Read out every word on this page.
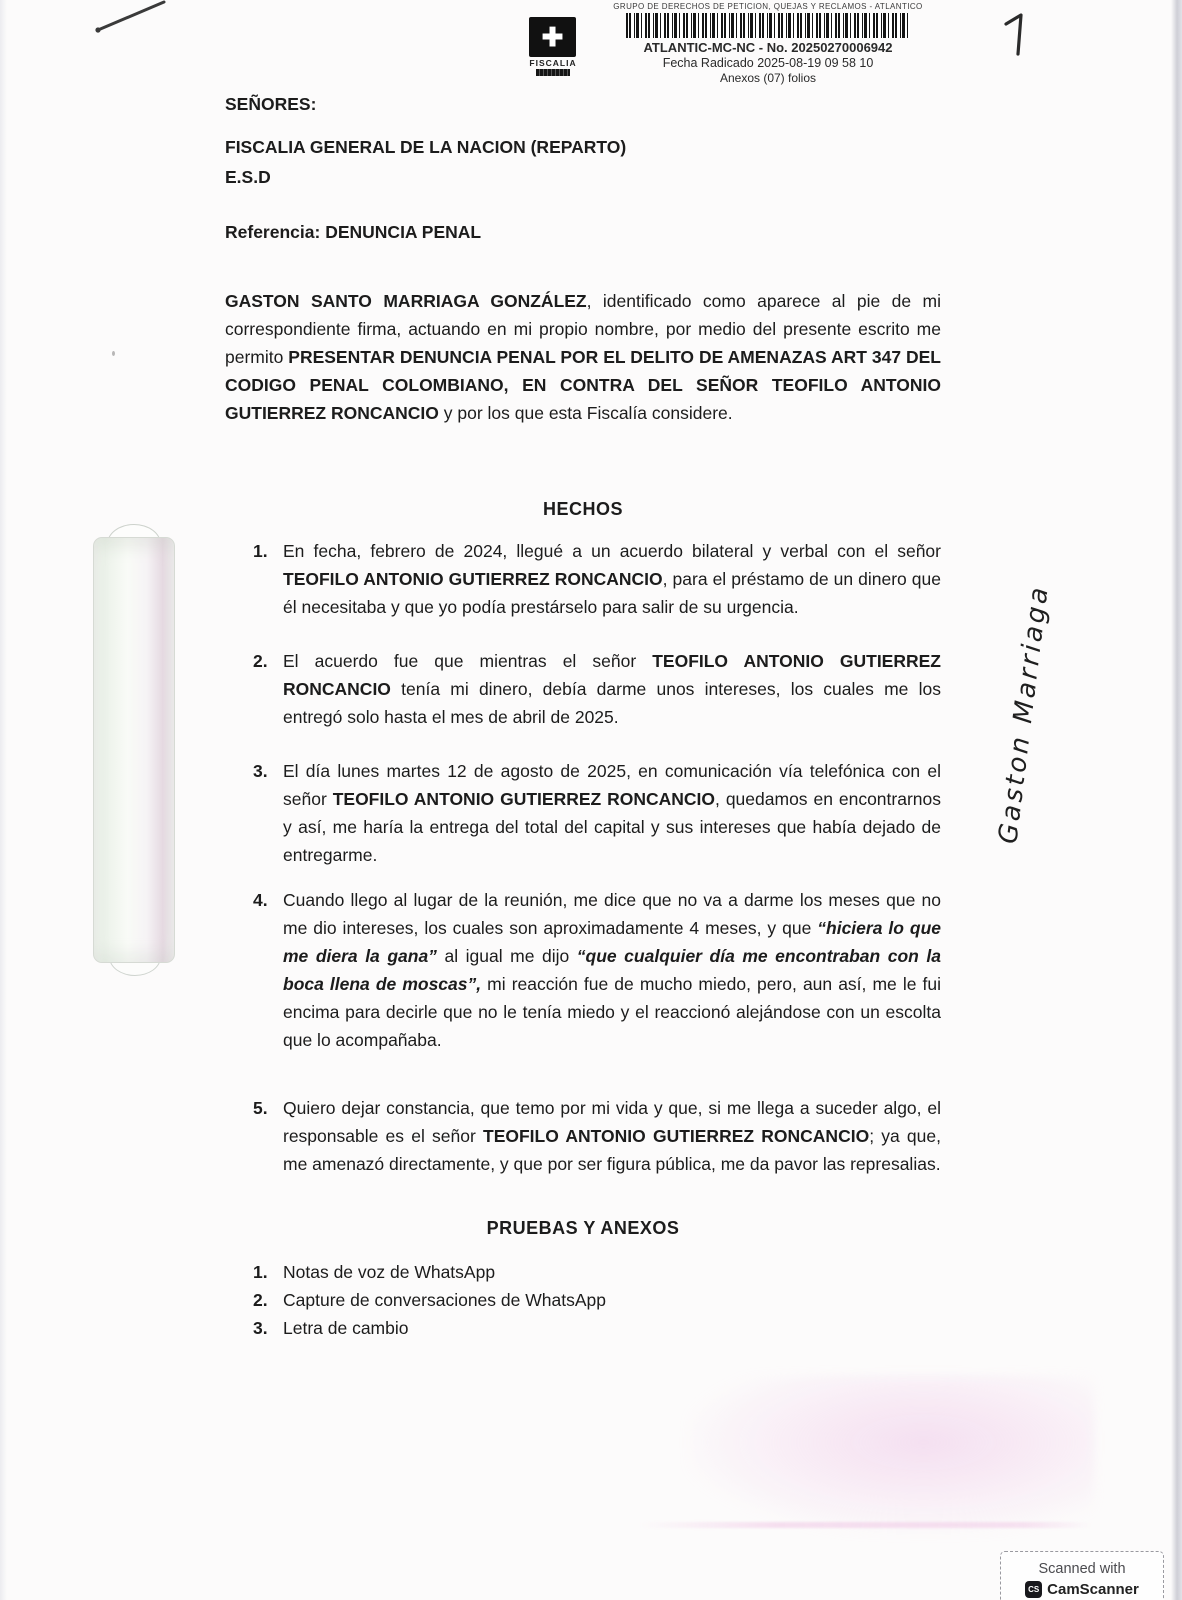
✚
FISCALIA
GRUPO DE DERECHOS DE PETICION, QUEJAS Y RECLAMOS - ATLANTICO
ATLANTIC-MC-NC - No. 20250270006942
Fecha Radicado 2025-08-19 09 58 10
Anexos (07) folios
SEÑORES:
FISCALIA GENERAL DE LA NACION (REPARTO)
E.S.D
Referencia: DENUNCIA PENAL
GASTON SANTO MARRIAGA GONZÁLEZ, identificado como aparece al pie de mi correspondiente firma, actuando en mi propio nombre, por medio del presente escrito me permito PRESENTAR DENUNCIA PENAL POR EL DELITO DE AMENAZAS ART 347 DEL CODIGO PENAL COLOMBIANO, EN CONTRA DEL SEÑOR TEOFILO ANTONIO GUTIERREZ RONCANCIO y por los que esta Fiscalía considere.
HECHOS
1. En fecha, febrero de 2024, llegué a un acuerdo bilateral y verbal con el señor TEOFILO ANTONIO GUTIERREZ RONCANCIO, para el préstamo de un dinero que él necesitaba y que yo podía prestárselo para salir de su urgencia.
2. El acuerdo fue que mientras el señor TEOFILO ANTONIO GUTIERREZ RONCANCIO tenía mi dinero, debía darme unos intereses, los cuales me los entregó solo hasta el mes de abril de 2025.
3. El día lunes martes 12 de agosto de 2025, en comunicación vía telefónica con el señor TEOFILO ANTONIO GUTIERREZ RONCANCIO, quedamos en encontrarnos y así, me haría la entrega del total del capital y sus intereses que había dejado de entregarme.
4. Cuando llego al lugar de la reunión, me dice que no va a darme los meses que no me dio intereses, los cuales son aproximadamente 4 meses, y que “hiciera lo que me diera la gana” al igual me dijo “que cualquier día me encontraban con la boca llena de moscas”, mi reacción fue de mucho miedo, pero, aun así, me le fui encima para decirle que no le tenía miedo y el reaccionó alejándose con un escolta que lo acompañaba.
5. Quiero dejar constancia, que temo por mi vida y que, si me llega a suceder algo, el responsable es el señor TEOFILO ANTONIO GUTIERREZ RONCANCIO; ya que, me amenazó directamente, y que por ser figura pública, me da pavor las represalias.
PRUEBAS Y ANEXOS
1. Notas de voz de WhatsApp
2. Capture de conversaciones de WhatsApp
3. Letra de cambio
Gaston Marriaga
Scanned with
CS CamScanner
